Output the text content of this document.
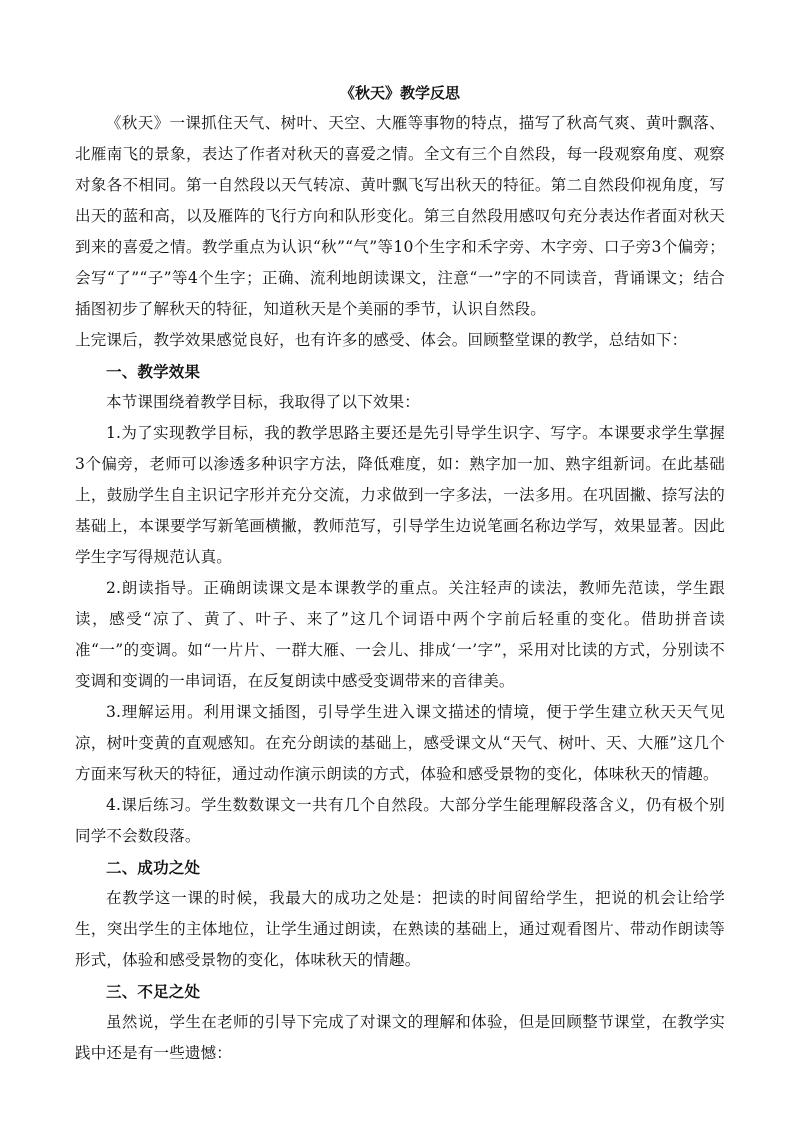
《秋天》教学反思

《秋天》一课抓住天气、树叶、天空、大雁等事物的特点，描写了秋高气爽、黄叶飘落、北雁南飞的景象，表达了作者对秋天的喜爱之情。全文有三个自然段，每一段观察角度、观察对象各不相同。第一自然段以天气转凉、黄叶飘飞写出秋天的特征。第二自然段仰视角度，写出天的蓝和高，以及雁阵的飞行方向和队形变化。第三自然段用感叹句充分表达作者面对秋天到来的喜爱之情。教学重点为认识“秋”“气”等10个生字和禾字旁、木字旁、口子旁3个偏旁；会写“了”“子”等4个生字；正确、流利地朗读课文，注意“一”字的不同读音，背诵课文；结合插图初步了解秋天的特征，知道秋天是个美丽的季节，认识自然段。

上完课后，教学效果感觉良好，也有许多的感受、体会。回顾整堂课的教学，总结如下：

一、教学效果

本节课围绕着教学目标，我取得了以下效果：

1.为了实现教学目标，我的教学思路主要还是先引导学生识字、写字。本课要求学生掌握3个偏旁，老师可以渗透多种识字方法，降低难度，如：熟字加一加、熟字组新词。在此基础上，鼓励学生自主识记字形并充分交流，力求做到一字多法，一法多用。在巩固撇、捺写法的基础上，本课要学写新笔画横撇，教师范写，引导学生边说笔画名称边学写，效果显著。因此学生字写得规范认真。

2.朗读指导。正确朗读课文是本课教学的重点。关注轻声的读法，教师先范读，学生跟读，感受“凉了、黄了、叶子、来了”这几个词语中两个字前后轻重的变化。借助拼音读准“一”的变调。如“一片片、一群大雁、一会儿、排成‘一’字”，采用对比读的方式，分别读不变调和变调的一串词语，在反复朗读中感受变调带来的音律美。

3.理解运用。利用课文插图，引导学生进入课文描述的情境，便于学生建立秋天天气见凉，树叶变黄的直观感知。在充分朗读的基础上，感受课文从“天气、树叶、天、大雁”这几个方面来写秋天的特征，通过动作演示朗读的方式，体验和感受景物的变化，体味秋天的情趣。

4.课后练习。学生数数课文一共有几个自然段。大部分学生能理解段落含义，仍有极个别同学不会数段落。

二、成功之处

在教学这一课的时候，我最大的成功之处是：把读的时间留给学生，把说的机会让给学生，突出学生的主体地位，让学生通过朗读，在熟读的基础上，通过观看图片、带动作朗读等形式，体验和感受景物的变化，体味秋天的情趣。

三、不足之处

虽然说，学生在老师的引导下完成了对课文的理解和体验，但是回顾整节课堂，在教学实践中还是有一些遗憾：
